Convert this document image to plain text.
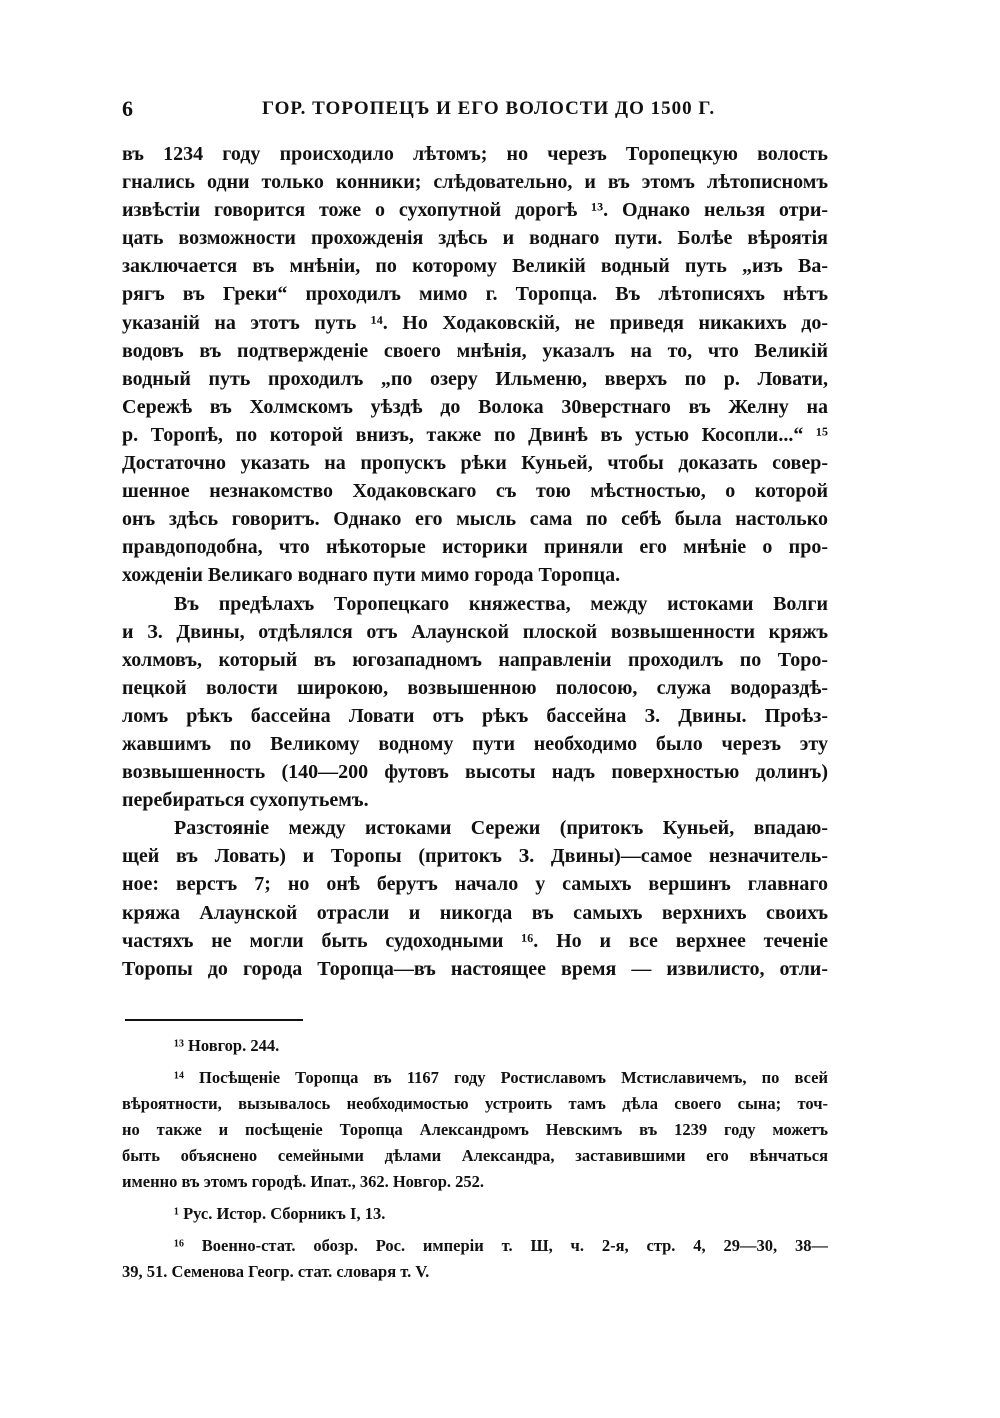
6	ГОР. ТОРОПЕЦЪ И ЕГО ВОЛОСТИ ДО 1500 Г.
въ 1234 году происходило лѣтомъ; но черезъ Торопецкую волость
гнались одни только конники; слѣдовательно, и въ этомъ лѣтописномъ
извѣстіи говорится тоже о сухопутной дорогѣ ¹³. Однако нельзя отри-
цать возможности прохожденія здѣсь и воднаго пути. Болѣе вѣроятія
заключается въ мнѣніи, по которому Великій водный путь „изъ Ва-
рягъ въ Греки“ проходилъ мимо г. Торопца. Въ лѣтописяхъ нѣтъ
указаній на этотъ путь ¹⁴. Но Ходаковскій, не приведя никакихъ до-
водовъ въ подтвержденіе своего мнѣнія, указалъ на то, что Великій
водный путь проходилъ „по озеру Ильменю, вверхъ по р. Ловати,
Сережѣ въ Холмскомъ уѣздѣ до Волока 30верстнаго въ Желну на
р. Торопѣ, по которой внизъ, также по Двинѣ въ устью Косопли...“ ¹⁵
Достаточно указать на пропускъ рѣки Куньей, чтобы доказать совер-
шенное незнакомство Ходаковскаго съ тою мѣстностью, о которой
онъ здѣсь говоритъ. Однако его мысль сама по себѣ была настолько
правдоподобна, что нѣкоторые историки приняли его мнѣніе о про-
хожденіи Великаго воднаго пути мимо города Торопца.
Въ предѣлахъ Торопецкаго княжества, между истоками Волги
и З. Двины, отдѣлялся отъ Алаунской плоской возвышенности кряжъ
холмовъ, который въ югозападномъ направленіи проходилъ по Торо-
пецкой волости широкою, возвышенною полосою, служа водораздѣ-
ломъ рѣкъ бассейна Ловати отъ рѣкъ бассейна З. Двины. Проѣз-
жавшимъ по Великому водному пути необходимо было черезъ эту
возвышенность (140—200 футовъ высоты надъ поверхностью долинъ)
перебираться сухопутьемъ.
Разстояніе между истоками Сережи (притокъ Куньей, впадаю-
щей въ Ловать) и Торопы (притокъ З. Двины)—самое незначитель-
ное: верстъ 7; но онѣ берутъ начало у самыхъ вершинъ главнаго
кряжа Алаунской отрасли и никогда въ самыхъ верхнихъ своихъ
частяхъ не могли быть судоходными ¹⁶. Но и все верхнее теченіе
Торопы до города Торопца—въ настоящее время — извилисто, отли-
¹³ Новгор. 244.
¹⁴ Посѣщеніе Торопца въ 1167 году Ростиславомъ Мстиславичемъ, по всей
вѣроятности, вызывалось необходимостью устроить тамъ дѣла своего сына; точ-
но также и посѣщеніе Торопца Александромъ Невскимъ въ 1239 году можетъ
быть объяснено семейными дѣлами Александра, заставившими его вѣнчаться
именно въ этомъ городѣ. Ипат., 362. Новгор. 252.
¹ Рус. Истор. Сборникъ I, 13.
¹⁶ Военно-стат. обозр. Рос. имперіи т. Ш, ч. 2-я, стр. 4, 29—30, 38—
39, 51. Семенова Геогр. стат. словаря т. V.
